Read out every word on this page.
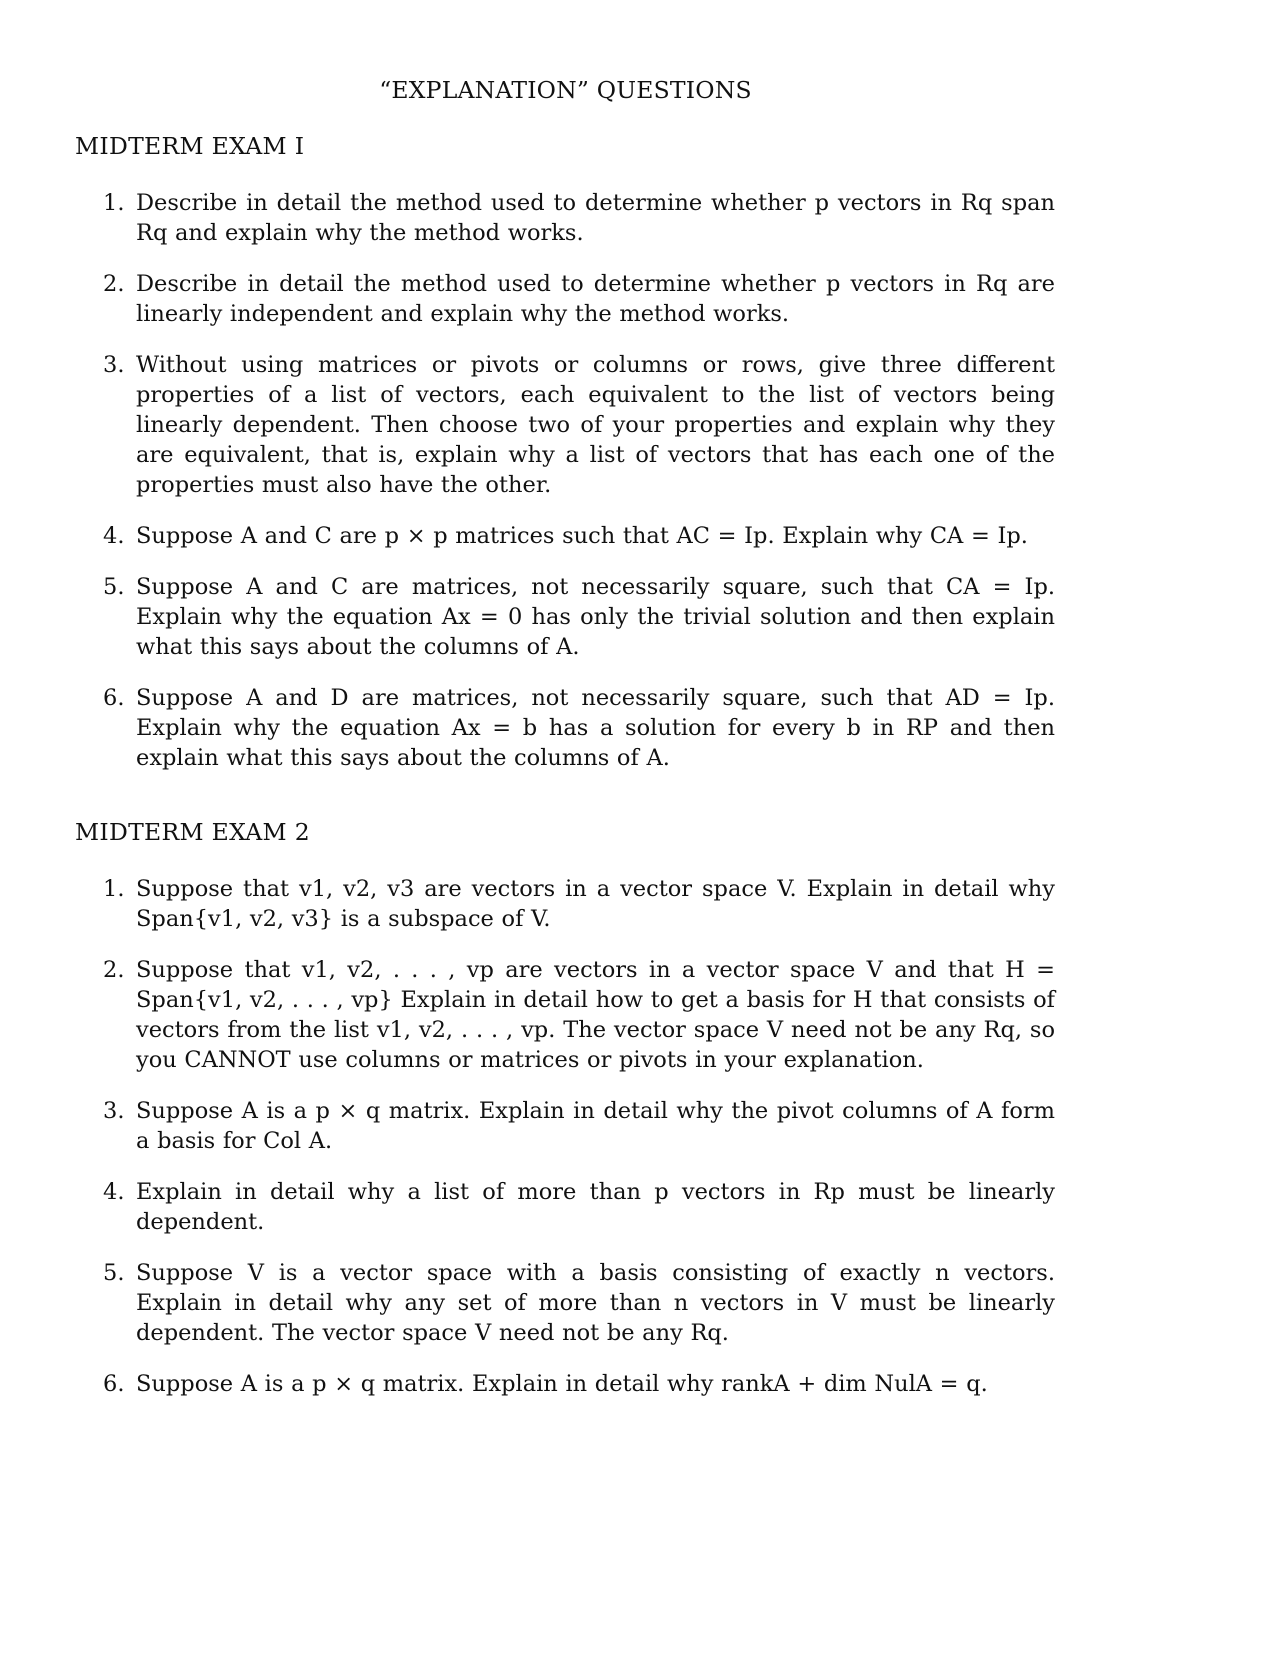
“EXPLANATION” QUESTIONS
MIDTERM EXAM I
1. Describe in detail the method used to determine whether p vectors in Rq span Rq and explain why the method works.
2. Describe in detail the method used to determine whether p vectors in Rq are linearly independent and explain why the method works.
3. Without using matrices or pivots or columns or rows, give three different properties of a list of vectors, each equivalent to the list of vectors being linearly dependent. Then choose two of your properties and explain why they are equivalent, that is, explain why a list of vectors that has each one of the properties must also have the other.
4. Suppose A and C are p × p matrices such that AC = Ip. Explain why CA = Ip.
5. Suppose A and C are matrices, not necessarily square, such that CA = Ip. Explain why the equation Ax = 0 has only the trivial solution and then explain what this says about the columns of A.
6. Suppose A and D are matrices, not necessarily square, such that AD = Ip. Explain why the equation Ax = b has a solution for every b in RP and then explain what this says about the columns of A.
MIDTERM EXAM 2
1. Suppose that v1, v2, v3 are vectors in a vector space V. Explain in detail why Span{v1, v2, v3} is a subspace of V.
2. Suppose that v1, v2, . . . , vp are vectors in a vector space V and that H = Span{v1, v2, . . . , vp} Explain in detail how to get a basis for H that consists of vectors from the list v1, v2, . . . , vp. The vector space V need not be any Rq, so you CANNOT use columns or matrices or pivots in your explanation.
3. Suppose A is a p × q matrix. Explain in detail why the pivot columns of A form a basis for Col A.
4. Explain in detail why a list of more than p vectors in Rp must be linearly dependent.
5. Suppose V is a vector space with a basis consisting of exactly n vectors. Explain in detail why any set of more than n vectors in V must be linearly dependent. The vector space V need not be any Rq.
6. Suppose A is a p × q matrix. Explain in detail why rankA + dim NulA = q.
